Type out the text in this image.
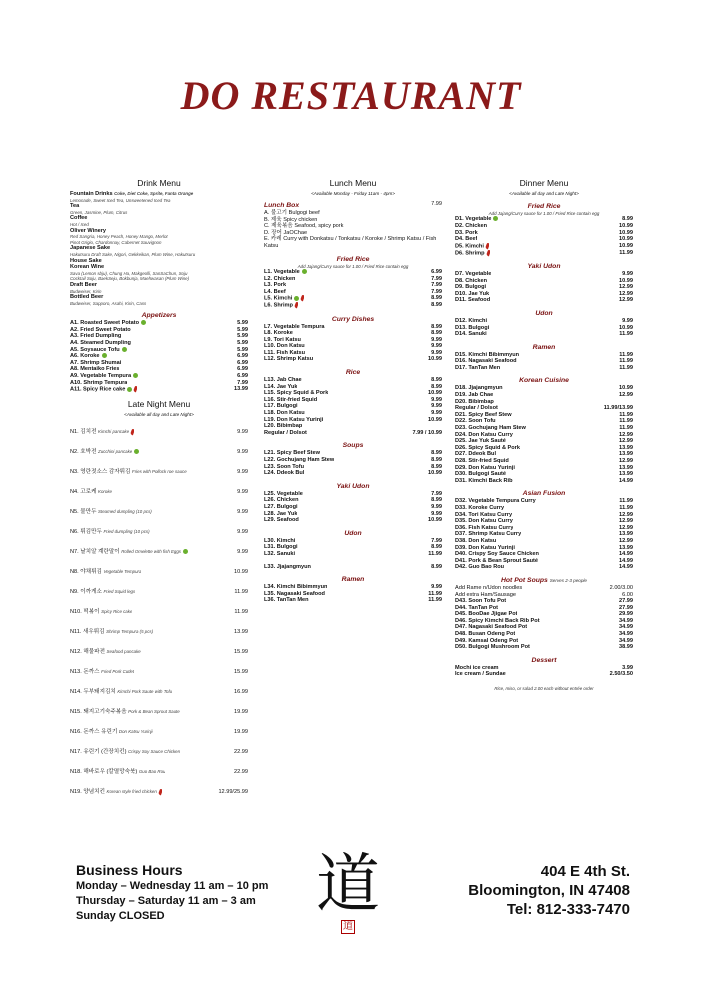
DO RESTAURANT
Drink Menu
Fountain Drinks Coke, Diet Coke, Sprite, Fanta Orange
Lemonade, Sweet Iced Tea, Unsweetened Iced Tea
Tea
Green, Jasmine, Plum, Citrus
Coffee
Hot / Iced
Oliver Winery
Red Sangria, Honey Peach, Honey Mango, Merlot
Pinot Grigio, Chardonnay, Cabernet Sauvignon
Japanese Sake
Hakutsuru Draft Sake, Nigori, Gekkeikan, Plum Wine, Hakutsuru
House Sake
Korean Wine
Sava (Lemon sbju), Chung Ha, Makgeolli, SanSaChun, Soju
Cocktail Soju, BaekSeju, Bokbunja, Maehwasan (Plum Wine)
Draft Beer
Budweiser, Kirin
Bottled Beer
Budweiser, Sapporo, Asahi, Kirin, Cass
Appetizers
A1. Roasted Sweet Potato	5.99
A2. Fried Sweet Potato	5.99
A3. Fried Dumpling	5.99
A4. Steamed Dumpling	5.99
A5. Soysauce Tofu	5.99
A6. Koroke	6.99
A7. Shrimp Shumai	6.99
A8. Mentaiko Fries	6.99
A9. Vegetable Tempura	6.99
A10. Shrimp Tempura	7.99
A11. Spicy Rice cake	13.99
Late Night Menu
<Available all day and Late Night>
N1. 김치전 Kimchi pancake	9.99
N2. 호박전 Zucchini pancake	9.99
N3. 영란젓소스 감자튀김 Fries with Pollock roe sauce	9.99
N4. 고로케 Koroke	9.99
N5. 물만두 Steamed dumpling (10 pcs)	9.99
N6. 튀김만두 Fried dumpling (10 pcs)	9.99
N7. 날치알 계란말이 Rolled Omelette with fish Eggs	9.99
N8. 야채튀김 Vegetable Tempura	10.99
N9. 이까게소 Fried Squid legs	11.99
N10. 떡볶이 Spicy Rice cake	11.99
N11. 새우튀김 Shrimp Tempura (5 pcs)	13.99
N12. 해물파전 Seafood pancake	15.99
N13. 돈까스 Fried Pork Cutlet	15.99
N14. 두부돼지김치 Kimchi Pork Saute with Tofu	16.99
N15. 돼지고기숙주볶음 Pork & Bean Sprout Saute	19.99
N16. 돈까스 유린기 Don Katsu Yurinji	19.99
N17. 유린기 (간장치킨) Crispy Soy Sauce Chicken	22.99
N18. 해바로우 (칼멸망숙북) Guo Bao Rou	22.99
N19. 양념치킨 Korean style fried chicken	12.99/25.99
Lunch Menu
<Available Monday - Friday 11am - 4pm>
Lunch Box	7.99
A. 불고기 Bulgogi beef
B. 제육 Spicy chicken
C. 제육볶음 Seafood, spicy pork
D. 장어 JaOChae
E. 카레 Curry with Donkatsu / Tonkatsu / Koroke / Shrimp Katsu / Fish Katsu
Fried Rice
Add Jajang/Curry sauce for 1.00 / Fried Rice contain egg
L1. Vegetable	6.99
L2. Chicken	7.99
L3. Pork	7.99
L4. Beef	7.99
L5. Kimchi	8.99
L6. Shrimp	8.99
Curry Dishes
L7. Vegetable Tempura	8.99
L8. Koroke	8.99
L9. Tori Katsu	9.99
L10. Don Katsu	9.99
L11. Fish Katsu	9.99
L12. Shrimp Katsu	10.99
Rice
L13. Jab Chae	8.99
L14. Jae Yuk	8.99
L15. Spicy Squid & Pork	10.99
L16. Stir-fried Squid	9.99
L17. Bulgogi	9.99
L18. Don Katsu	9.99
L19. Don Katsu Yurinji	10.99
L20. Bibimbap
Regular / Dolsot	7.99 / 10.99
Soups
L21. Spicy Beef Stew	8.99
L22. Gochujang Ham Stew	8.99
L23. Soon Tofu	8.99
L24. Ddeok Bul	10.99
Yaki Udon
L25. Vegetable	7.99
L26. Chicken	8.99
L27. Bulgogi	9.99
L28. Jae Yuk	9.99
L29. Seafood	10.99
Udon
L30. Kimchi	7.99
L31. Bulgogi	8.99
L32. Sanuki	11.99
L33. Jjajangmyun	8.99
Ramen
L34. Kimchi Bibimmyun	9.99
L35. Nagasaki Seafood	11.99
L36. TanTan Men	11.99
Dinner Menu
<Available all day and Late Night>
Fried Rice
Add Jajang/Curry sauce for 1.00 / Fried Rice contain egg
D1. Vegetable	8.99
D2. Chicken	10.99
D3. Pork	10.99
D4. Beef	10.99
D5. Kimchi	10.99
D6. Shrimp	11.99
Yaki Udon
D7. Vegetable	9.99
D8. Chicken	10.99
D9. Bulgogi	12.99
D10. Jae Yuk	12.99
D11. Seafood	12.99
Udon
D12. Kimchi	9.99
D13. Bulgogi	10.99
D14. Sanuki	11.99
Ramen
D15. Kimchi Bibimmyun	11.99
D16. Nagasaki Seafood	11.99
D17. TanTan Men	11.99
Korean Cuisine
D18. Jjajangmyun	10.99
D19. Jab Chae	12.99
D20. Bibimbap
Regular / Dolsot	11.99/13.99
D21. Spicy Beef Stew	11.99
D22. Soon Tofu	11.99
D23. Gochujang Ham Stew	11.99
D24. Don Katsu Curry	12.99
D25. Jae Yuk Sauté	12.99
D26. Spicy Squid & Pork	13.99
D27. Ddeok Bul	13.99
D28. Stir-fried Squid	12.99
D29. Don Katsu Yurinji	13.99
D30. Bulgogi Sauté	13.99
D31. Kimchi Back Rib	14.99
Asian Fusion
D32. Vegetable Tempura Curry	11.99
D33. Koroke Curry	11.99
D34. Tori Katsu Curry	12.99
D35. Don Katsu Curry	12.99
D36. Fish Katsu Curry	12.99
D37. Shrimp Katsu Curry	13.99
D38. Don Katsu	12.99
D39. Don Katsu Yurinji	13.99
D40. Crispy Soy Sauce Chicken	14.99
D41. Pork & Bean Sprout Sauté	14.99
D42. Guo Bao Rou	14.99
Hot Pot Soups Serves 2-3 people
Add Rame n/Udon noodles	2.00/3.00
Add extra Ham/Sausage	6.00
D43. Soon Tofu Pot	27.99
D44. TanTan Pot	27.99
D45. BooDae Jjigae Pot	29.99
D46. Spicy Kimchi Back Rib Pot	34.99
D47. Nagasaki Seafood Pot	34.99
D48. Busan Odeng Pot	34.99
D49. Kamsal Odeng Pot	34.99
D50. Bulgogi Mushroom Pot	38.99
Dessert
Mochi ice cream	3.99
Ice cream / Sundae	2.50/3.50
Rice, miso, or salad 2.00 each without entrée order
Business Hours
Monday – Wednesday 11 am – 10 pm
Thursday – Saturday 11 am – 3 am
Sunday CLOSED	道
道
404 E 4th St.
Bloomington, IN 47408
Tel: 812-333-7470
